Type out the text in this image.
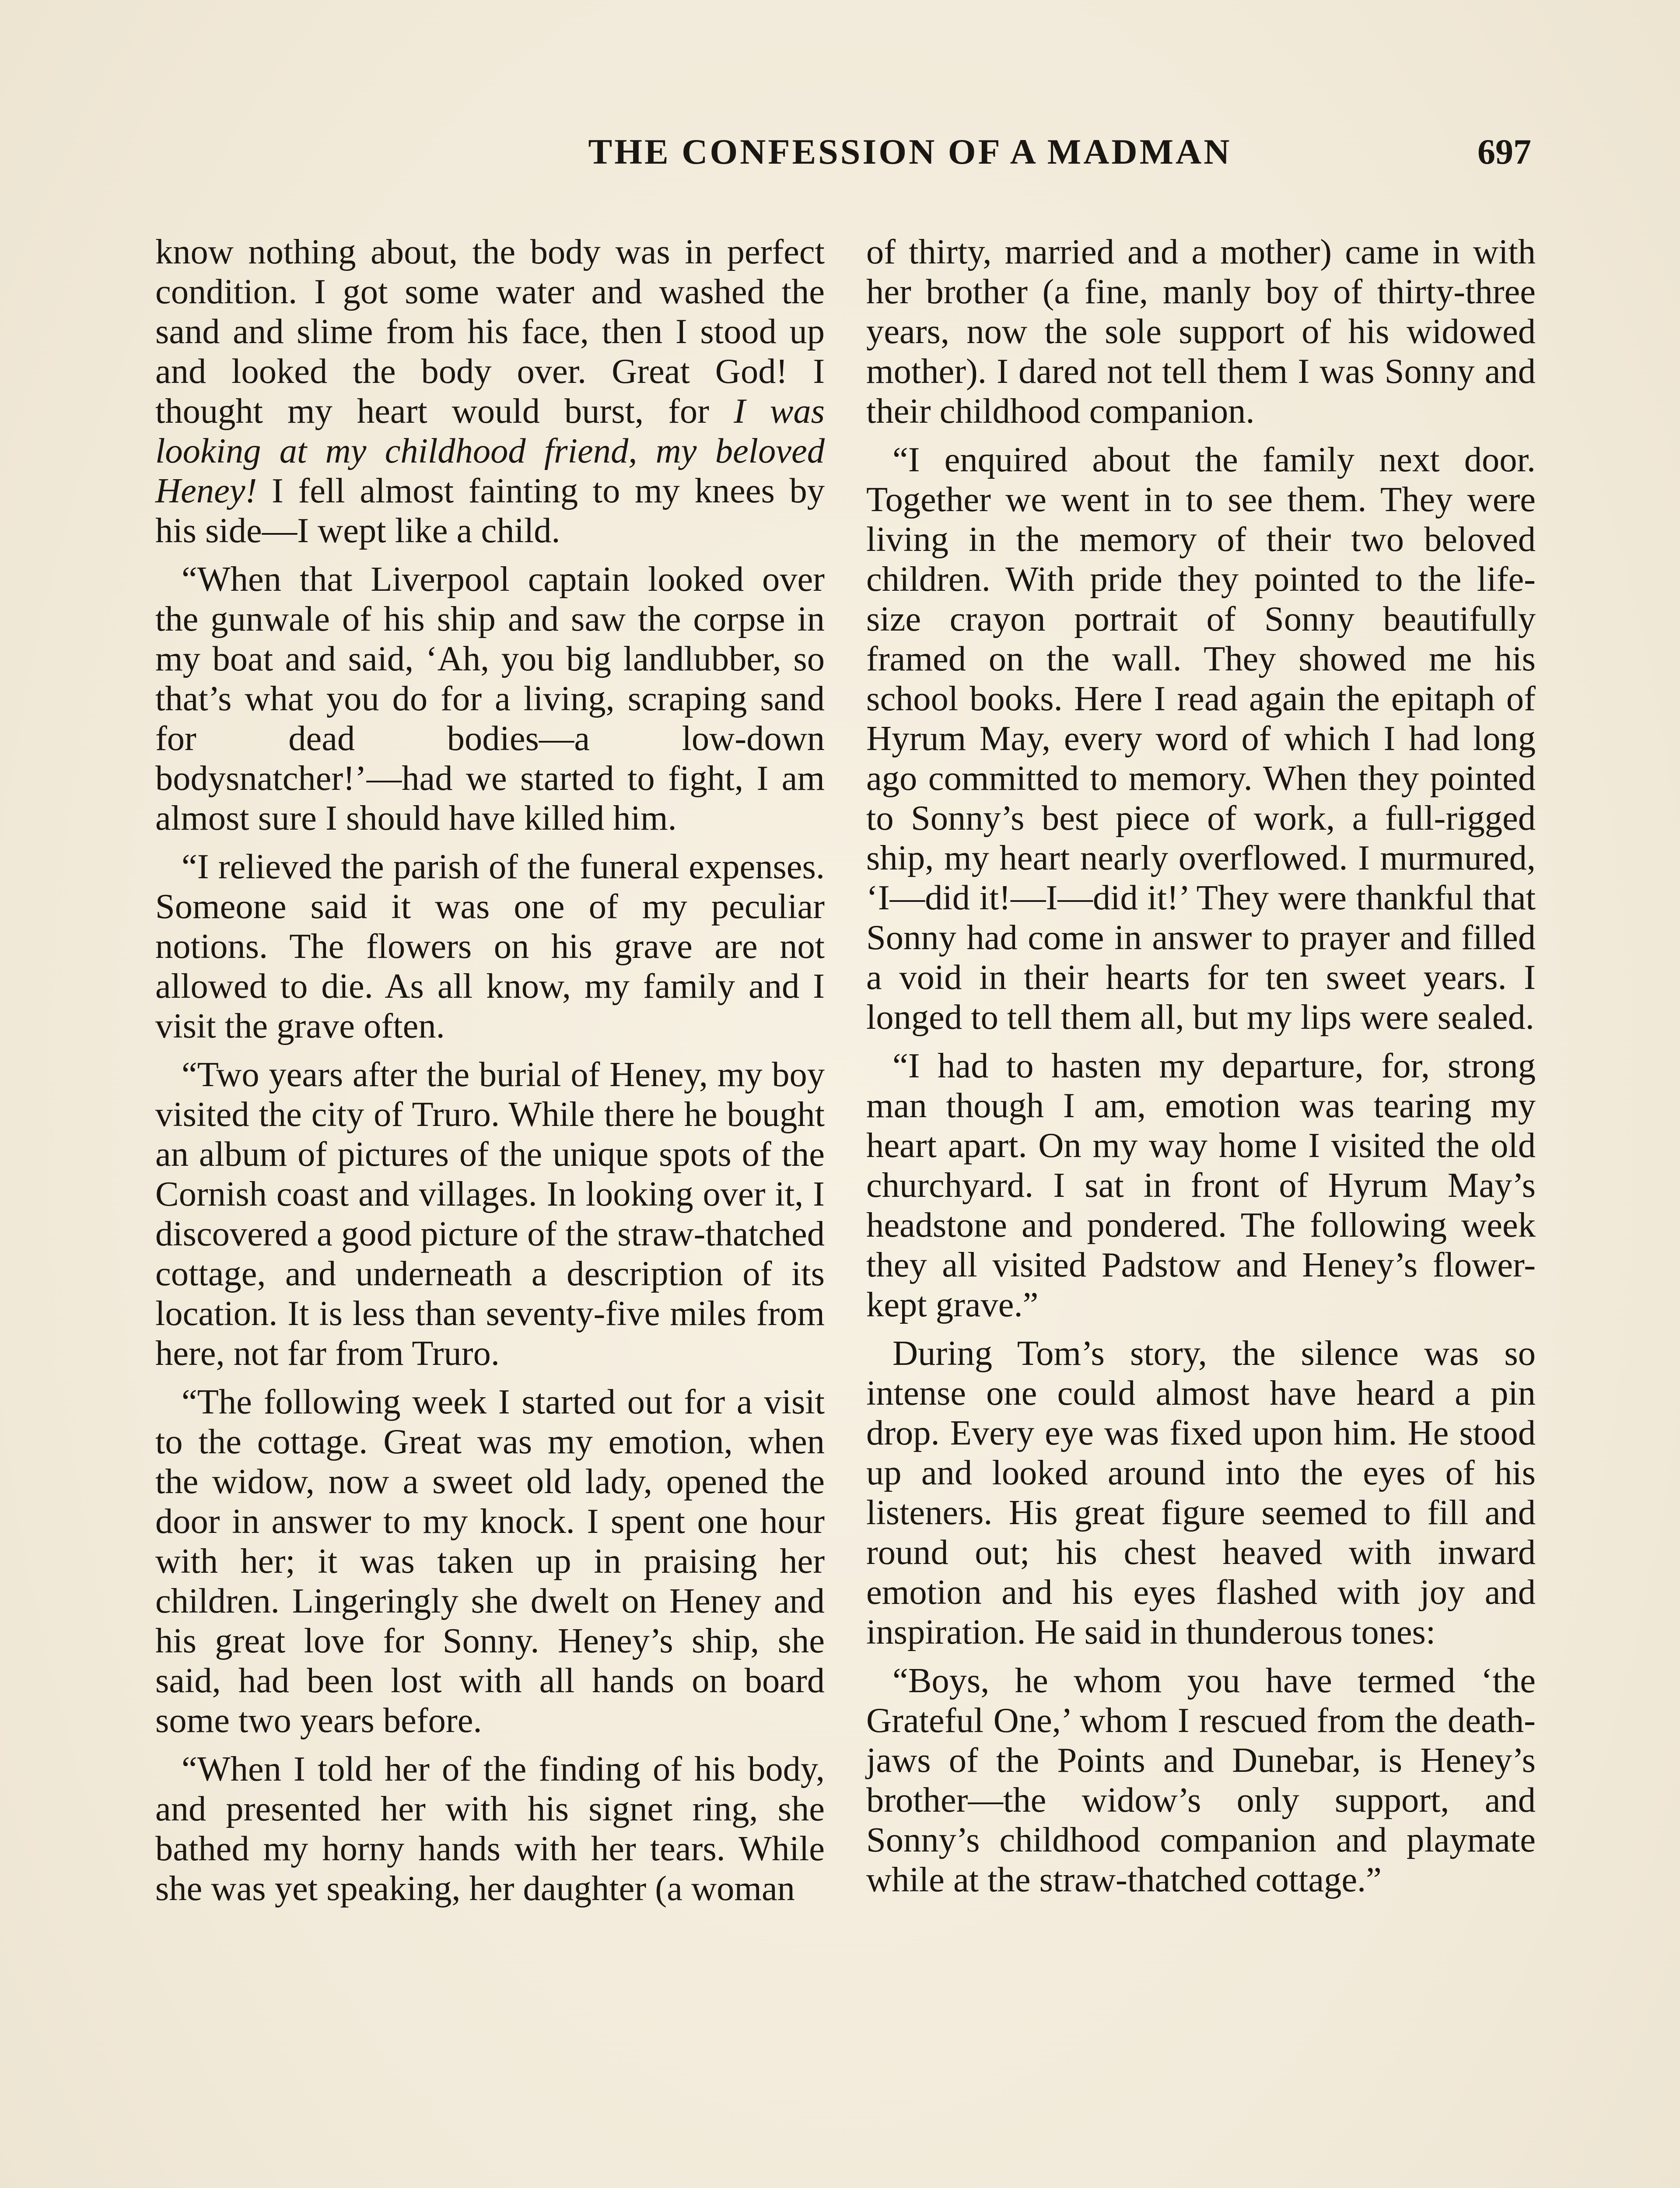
THE CONFESSION OF A MADMAN	697

know nothing about, the body was in perfect condition. I got some water and washed the sand and slime from his face, then I stood up and looked the body over. Great God! I thought my heart would burst, for I was looking at my childhood friend, my beloved Heney! I fell almost fainting to my knees by his side—I wept like a child.

“When that Liverpool captain looked over the gunwale of his ship and saw the corpse in my boat and said, ‘Ah, you big landlubber, so that’s what you do for a living, scraping sand for dead bodies—a low-down bodysnatcher!’—had we started to fight, I am almost sure I should have killed him.

“I relieved the parish of the funeral expenses. Someone said it was one of my peculiar notions. The flowers on his grave are not allowed to die. As all know, my family and I visit the grave often.

“Two years after the burial of Heney, my boy visited the city of Truro. While there he bought an album of pictures of the unique spots of the Cornish coast and villages. In looking over it, I discovered a good picture of the straw-thatched cottage, and underneath a description of its location. It is less than seventy-five miles from here, not far from Truro.

“The following week I started out for a visit to the cottage. Great was my emotion, when the widow, now a sweet old lady, opened the door in answer to my knock. I spent one hour with her; it was taken up in praising her children. Lingeringly she dwelt on Heney and his great love for Sonny. Heney’s ship, she said, had been lost with all hands on board some two years before.

“When I told her of the finding of his body, and presented her with his signet ring, she bathed my horny hands with her tears. While she was yet speaking, her daughter (a woman

of thirty, married and a mother) came in with her brother (a fine, manly boy of thirty-three years, now the sole support of his widowed mother). I dared not tell them I was Sonny and their childhood companion.

“I enquired about the family next door. Together we went in to see them. They were living in the memory of their two beloved children. With pride they pointed to the life-size crayon portrait of Sonny beautifully framed on the wall. They showed me his school books. Here I read again the epitaph of Hyrum May, every word of which I had long ago committed to memory. When they pointed to Sonny’s best piece of work, a full-rigged ship, my heart nearly overflowed. I murmured, ‘I—did it!—I—did it!’ They were thankful that Sonny had come in answer to prayer and filled a void in their hearts for ten sweet years. I longed to tell them all, but my lips were sealed.

“I had to hasten my departure, for, strong man though I am, emotion was tearing my heart apart. On my way home I visited the old churchyard. I sat in front of Hyrum May’s headstone and pondered. The following week they all visited Padstow and Heney’s flower-kept grave.”

During Tom’s story, the silence was so intense one could almost have heard a pin drop. Every eye was fixed upon him. He stood up and looked around into the eyes of his listeners. His great figure seemed to fill and round out; his chest heaved with inward emotion and his eyes flashed with joy and inspiration. He said in thunderous tones:

“Boys, he whom you have termed ‘the Grateful One,’ whom I rescued from the death-jaws of the Points and Dunebar, is Heney’s brother—the widow’s only support, and Sonny’s childhood companion and playmate while at the straw-thatched cottage.”
